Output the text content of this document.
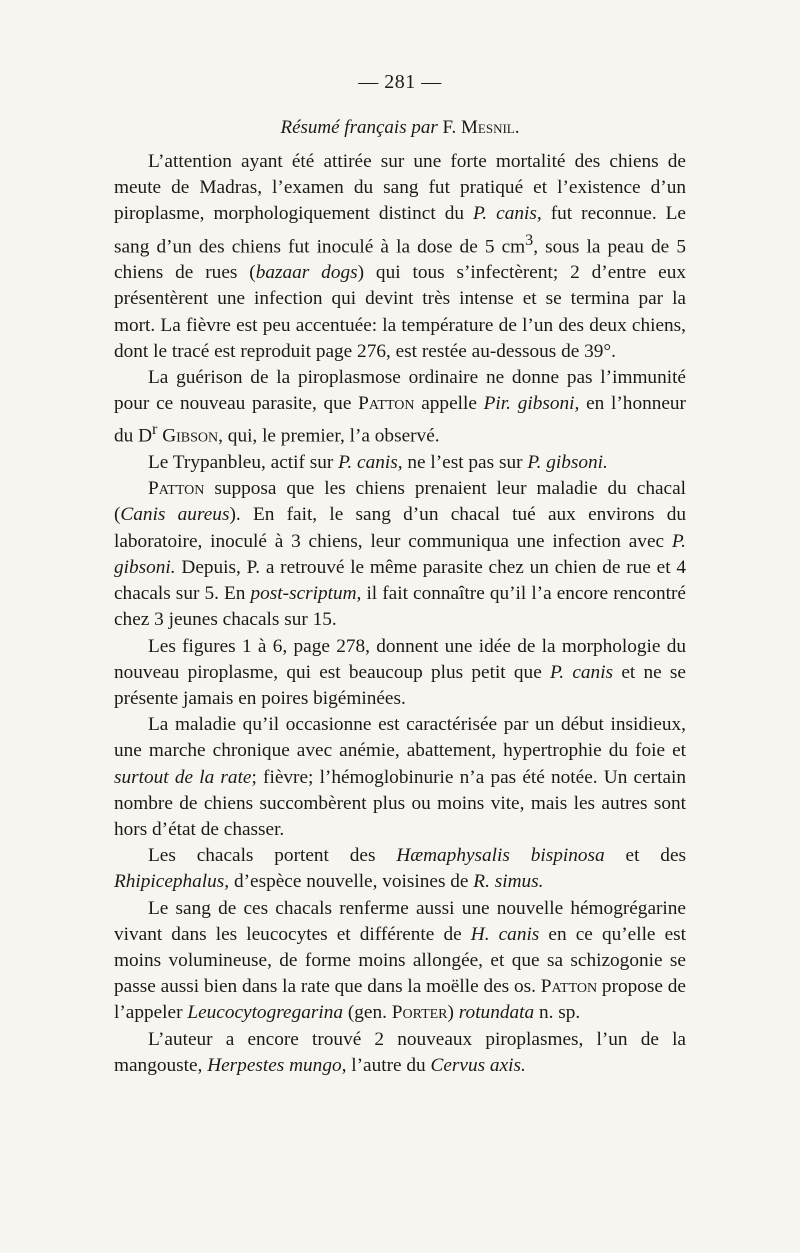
— 281 —
Résumé français par F. Mesnil.

L’attention ayant été attirée sur une forte mortalité des chiens de meute de Madras, l’examen du sang fut pratiqué et l’existence d’un piroplasme, morphologiquement distinct du P. canis, fut reconnue. Le sang d’un des chiens fut inoculé à la dose de 5 $cm^3$, sous la peau de 5 chiens de rues (bazaar dogs) qui tous s’infectèrent; 2 d’entre eux présentèrent une infection qui devint très intense et se termina par la mort. La fièvre est peu accentuée: la température de l’un des deux chiens, dont le tracé est reproduit page 276, est restée au-dessous de 39°.

La guérison de la piroplasmose ordinaire ne donne pas l’immunité pour ce nouveau parasite, que Patton appelle Pir. gibsoni, en l’honneur du $D^r$ Gibson, qui, le premier, l’a observé.

Le Trypanbleu, actif sur P. canis, ne l’est pas sur P. gibsoni.

Patton supposa que les chiens prenaient leur maladie du chacal (Canis aureus). En fait, le sang d’un chacal tué aux environs du laboratoire, inoculé à 3 chiens, leur communiqua une infection avec P. gibsoni. Depuis, P. a retrouvé le même parasite chez un chien de rue et 4 chacals sur 5. En post-scriptum, il fait connaître qu’il l’a encore rencontré chez 3 jeunes chacals sur 15.

Les figures 1 à 6, page 278, donnent une idée de la morphologie du nouveau piroplasme, qui est beaucoup plus petit que P. canis et ne se présente jamais en poires bigéminées.

La maladie qu’il occasionne est caractérisée par un début insidieux, une marche chronique avec anémie, abattement, hypertrophie du foie et surtout de la rate; fièvre; l’hémoglobinurie n’a pas été notée. Un certain nombre de chiens succombèrent plus ou moins vite, mais les autres sont hors d’état de chasser.

Les chacals portent des Hæmaphysalis bispinosa et des Rhipicephalus, d’espèce nouvelle, voisines de R. simus.

Le sang de ces chacals renferme aussi une nouvelle hémogrégarine vivant dans les leucocytes et différente de H. canis en ce qu’elle est moins volumineuse, de forme moins allongée, et que sa schizogonie se passe aussi bien dans la rate que dans la moëlle des os. Patton propose de l’appeler Leucocytogregarina (gen. Porter) rotundata n. sp.

L’auteur a encore trouvé 2 nouveaux piroplasmes, l’un de la mangouste, Herpestes mungo, l’autre du Cervus axis.
